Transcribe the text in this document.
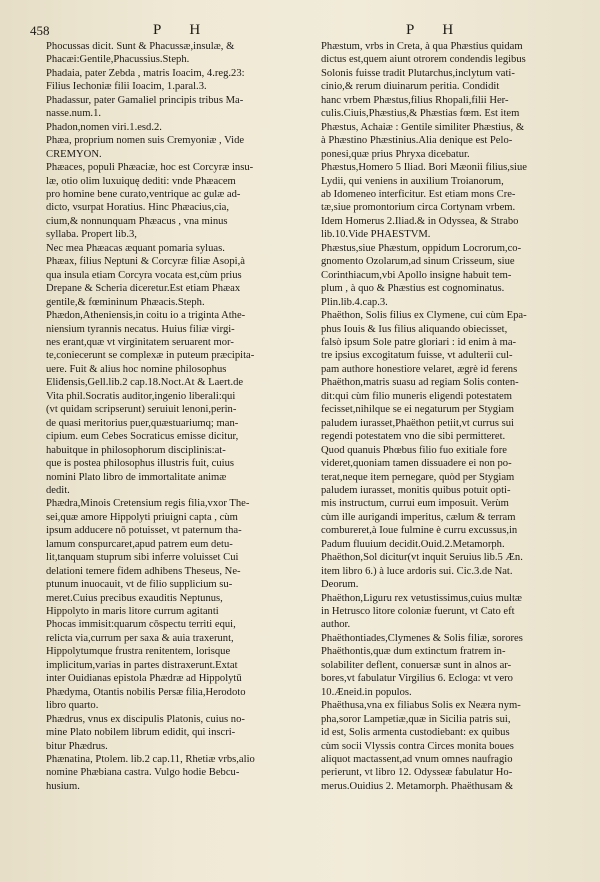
458	PH	PH

Phocussas dicit. Sunt & Phacussæ,insulæ, &
Phacæi:Gentile,Phacussius.Steph.

Phadaia, pater Zebda , matris Ioacim, 4.reg.23:
Filius Iechoniæ filii Ioacim, 1.paral.3.

Phadassur, pater Gamaliel principis tribus Ma-
nasse.num.1.

Phadon,nomen viri.1.esd.2.

Phæa, proprium nomen suis Cremyoniæ , Vide
CREMYON.

Phæaces, populi Phæaciæ, hoc est Corcyræ insu-
læ, otio olim luxuiquę dediti: vnde Phæacem
pro homine bene curato,ventrique ac gulæ ad-
dicto, vsurpat Horatius. Hinc Phæacius,cia,
cium,& nonnunquam Phæacus , vna minus
syllaba. Propert lib.3,

Nec mea Phæacas æquant pomaria syluas.

Phæax, filius Neptuni & Corcyræ filiæ Asopi,à
qua insula etiam Corcyra vocata est,cùm prius
Drepane & Scheria diceretur.Est etiam Phæax
gentile,& fœmininum Phæacis.Steph.

Phædon,Atheniensis,in coitu io a triginta Athe-
niensium tyrannis necatus. Huius filiæ virgi-
nes erant,quæ vt virginitatem seruarent mor-
te,coniecerunt se complexæ in puteum præcipita-
uere. Fuit & alius hoc nomine philosophus
Eliđensis,Gell.lib.2 cap.18.Noct.At & Laert.de
Vita phil.Socratis auditor,ingenio liberali:qui
(vt quidam scripserunt) seruiuit lenoni,perin-
de quasi meritorius puer,quæstuariumq; man-
cipium. eum Cebes Socraticus emisse dicitur,
habuitque in philosophorum disciplinis:at-
que is postea philosophus illustris fuit, cuius
nomini Plato libro de immortalitate animæ
dedit.

Phædra,Minois Cretensium regis filia,vxor The-
sei,quæ amore Hippolyti priuigni capta , cùm
ipsum adducere nō potuisset, vt paternum tha-
lamum conspurcaret,apud patrem eum detu-
lit,tanquam stuprum sibi inferre voluisset Cui
delationi temere fidem adhibens Theseus, Ne-
ptunum inuocauit, vt de filio supplicium su-
meret.Cuius precibus exauditis Neptunus,
Hippolyto in maris litore currum agitanti
Phocas immisit:quarum cōspectu territi equi,
relicta via,currum per saxa & auia traxerunt,
Hippolytumque frustra renitentem, lorisque
implicitum,varias in partes distraxerunt.Extat
inter Ouidianas epistola Phædræ ad Hippolytū

Phædyma, Otantis nobilis Persæ filia,Herodoto
libro quarto.

Phædrus, vnus ex discipulis Platonis, cuius no-
mine Plato nobilem librum edidit, qui inscri-
bitur Phædrus.

Phænatina, Ptolem. lib.2 cap.11, Rhetiæ vrbs,alio
nomine Phæbiana castra. Vulgo hodie Bebcu-
husium.

Phæstum, vrbs in Creta, à qua Phæstius quidam
dictus est,quem aiunt otrorem condendis legibus
Solonis fuisse tradit Plutarchus,inclytum vati-
cinio,& rerum diuinarum peritia. Condidit
hanc vrbem Phæstus,filius Rhopali,filii Her-
culis.Ciuis,Phæstius,& Phæstias fœm. Est item
Phæstus, Achaiæ : Gentile similiter Phæstius, &
à Phæstino Phæstinius.Alia denique est Pelo-
ponesi,quæ prius Phryxa dicebatur.

Phæstus,Homero 5 Iliad. Bori Mæonii filius,siue
Lydii, qui veniens in auxilium Troianorum,
ab Idomeneo interficitur. Est etiam mons Cre-
tæ,siue promontorium circa Cortynam vrbem.
Idem Homerus 2.Iliad.& in Odyssea, & Strabo
lib.10.Vide PHAESTVM.

Phæstus,siue Phæstum, oppidum Locrorum,co-
gnomento Ozolarum,ad sinum Crisseum, siue
Corinthiacum,vbi Apollo insigne habuit tem-
plum , à quo & Phæstius est cognominatus.
Plin.lib.4.cap.3.

Phaëthon, Solis filius ex Clymene, cui cùm Epa-
phus Iouis & Ius filius aliquando obiecisset,
falsò ipsum Sole patre gloriari : id enim à ma-
tre ipsius excogitatum fuisse, vt adulterii cul-
pam authore honestiore velaret, ægrè id ferens
Phaëthon,matris suasu ad regiam Solis conten-
dit:qui cùm filio muneris eligendi potestatem
fecisset,nihilque se ei negaturum per Stygiam
paludem iurasset,Phaëthon petiit,vt currus sui
regendi potestatem vno die sibi permitteret.
Quod quanuis Phœbus filio fuo exitiale fore
videret,quoniam tamen dissuadere ei non po-
terat,neque item pernegare, quòd per Stygiam
paludem iurasset, monitis quibus potuit opti-
mis instructum, currui eum imposuit. Verùm
cùm ille aurigandi imperitus, cælum & terram
combureret,à Ioue fulmine è curru excussus,in
Padum fluuium decidit.Ouid.2.Metamorph.

Phaëthon,Sol dicitur(vt inquit Seruius lib.5 Æn.
item libro 6.) à luce ardoris sui. Cic.3.de Nat.
Deorum.

Phaëthon,Liguru rex vetustissimus,cuius multæ
in Hetrusco litore coloniæ fuerunt, vt Cato eft
author.

Phaëthontiades,Clymenes & Solis filiæ, sorores
Phaëthontis,quæ dum extinctum fratrem in-
solabiliter deflent, conuersæ sunt in alnos ar-
bores,vt fabulatur Virgilius 6. Ecloga: vt vero
10.Æneid.in populos.

Phaëthusa,vna ex filiabus Solis ex Neæra nym-
pha,soror Lampetiæ,quæ in Sicilia patris sui,
id est, Solis armenta custodiebant: ex quibus
cùm socii Vlyssis contra Circes monita boues
aliquot mactassent,ad vnum omnes naufragio
perierunt, vt libro 12. Odysseæ fabulatur Ho-
merus.Ouidius 2. Metamorph. Phaëthusam &
